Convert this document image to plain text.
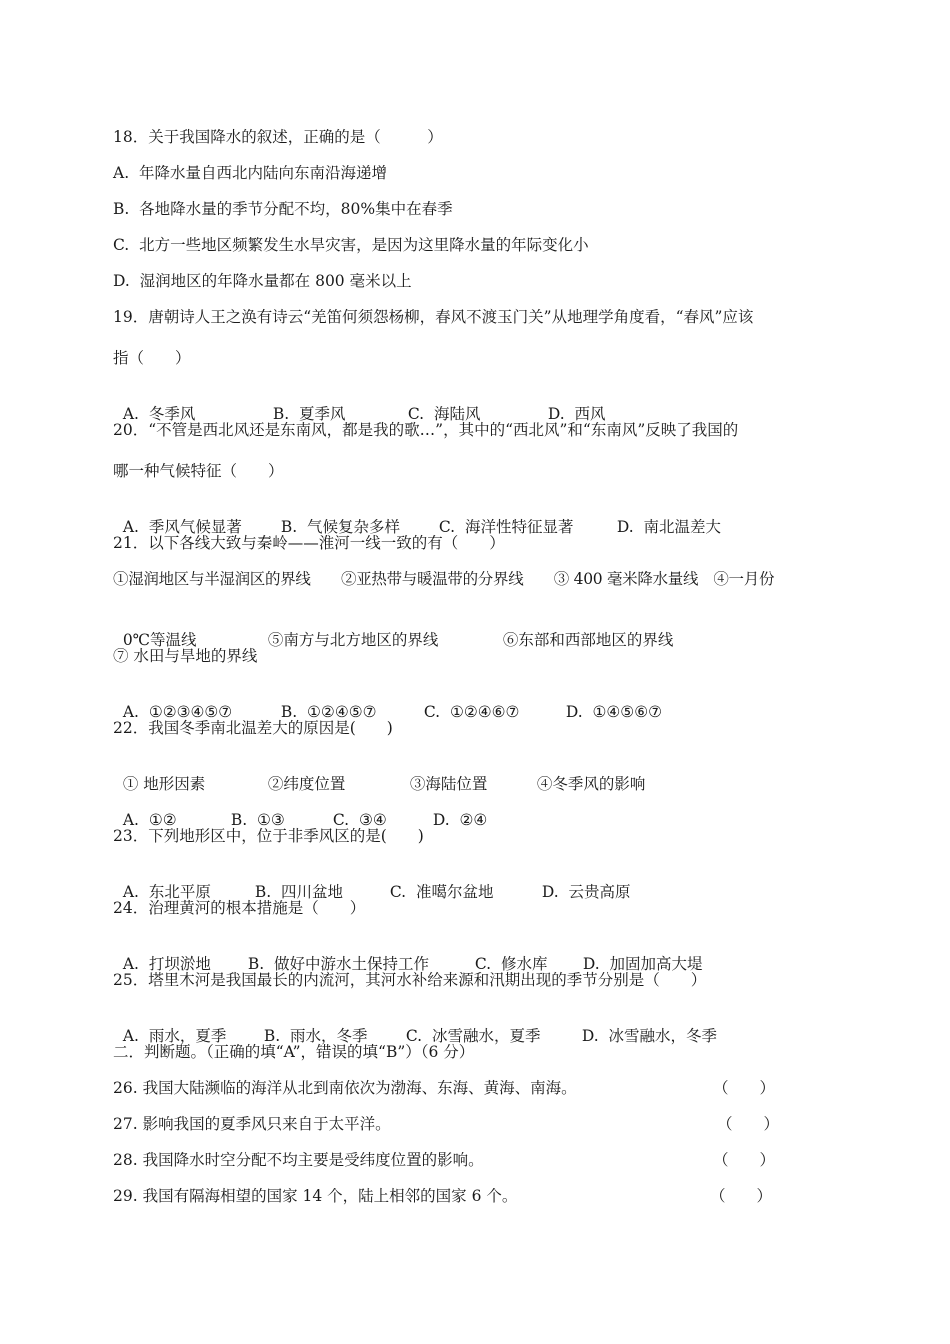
18．关于我国降水的叙述，正确的是（　　　）
A.  年降水量自西北内陆向东南沿海递增
B.  各地降水量的季节分配不均，80%集中在春季
C.  北方一些地区频繁发生水旱灾害，是因为这里降水量的年际变化小
D.  湿润地区的年降水量都在 800 毫米以上
19．唐朝诗人王之涣有诗云“羌笛何须怨杨柳，春风不渡玉门关”从地理学角度看，“春风”应该
指（　　）

A.  冬季风	B.  夏季风	C.  海陆风	D.  西风

20．“不管是西北风还是东南风，都是我的歌…”，其中的“西北风”和“东南风”反映了我国的
哪一种气候特征（　　）

A.  季风气候显著	B.  气候复杂多样	C.  海洋性特征显著	D.  南北温差大

21．以下各线大致与秦岭——淮河一线一致的有（　　）
①湿润地区与半湿润区的界线　　②亚热带与暖温带的分界线　　③ 400 毫米降水量线　④一月份

0℃等温线	⑤南方与北方地区的界线	⑥东部和西部地区的界线

⑦ 水田与旱地的界线

A.  ①②③④⑤⑦	B.  ①②④⑤⑦	C.  ①②④⑥⑦	D.  ①④⑤⑥⑦

22．我国冬季南北温差大的原因是(　　)

① 地形因素	②纬度位置	③海陆位置	④冬季风的影响

A.  ①②	B.  ①③	C.  ③④	D.  ②④

23．下列地形区中，位于非季风区的是(　　)

A.  东北平原	B.  四川盆地	C.  准噶尔盆地	D.  云贵高原

24．治理黄河的根本措施是（　　）

A.  打坝淤地 B.  做好中游水土保持工作	C.  修水库 D.  加固加高大堤

25．塔里木河是我国最长的内流河，其河水补给来源和汛期出现的季节分别是（　　）

A.  雨水，夏季 B.  雨水，冬季 C.  冰雪融水，夏季	D.  冰雪融水，冬季

二．判断题。（正确的填“A”，错误的填“B”）（6 分）
26. 我国大陆濒临的海洋从北到南依次为渤海、东海、黄海、南海。	（　　）
27. 影响我国的夏季风只来自于太平洋。	（　　）
28. 我国降水时空分配不均主要是受纬度位置的影响。	（　　）
29. 我国有隔海相望的国家 14 个，陆上相邻的国家 6 个。	（　　）
